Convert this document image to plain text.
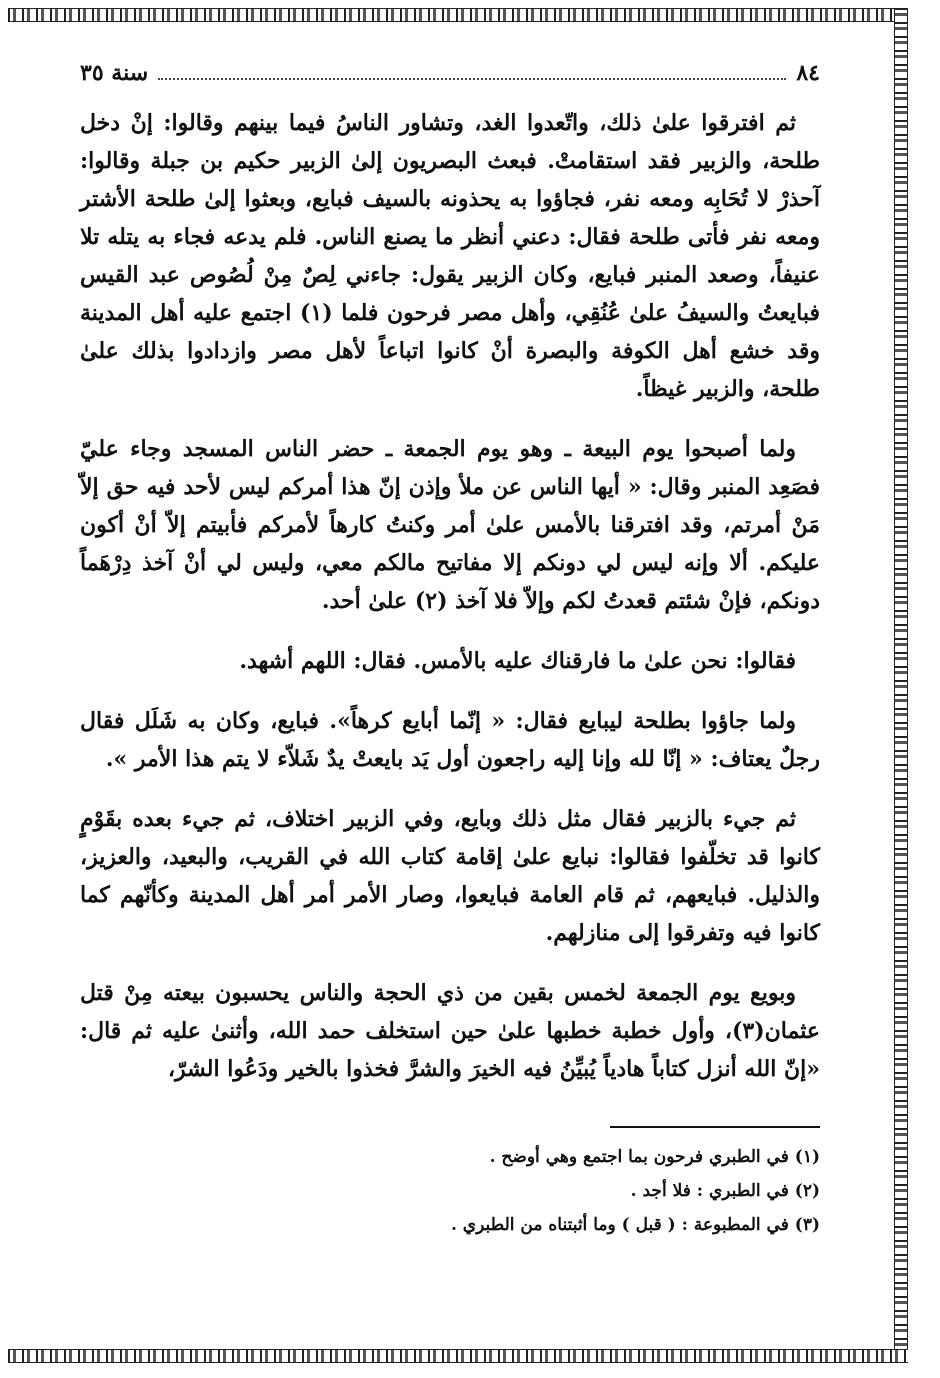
٨٤
سنة ٣٥

ثم افترقوا علىٰ ذلك، واتّعدوا الغد، وتشاور الناسُ فيما بينهم وقالوا: إنْ دخل طلحة، والزبير فقد استقامتْ. فبعث البصريون إلىٰ الزبير حكيم بن جبلة وقالوا: آحذرْ لا تُحَابِه ومعه نفر، فجاؤوا به يحذونه بالسيف فبايع، وبعثوا إلىٰ طلحة الأشتر ومعه نفر فأتى طلحة فقال: دعني أنظر ما يصنع الناس. فلم يدعه فجاء به يتله تلا عنيفاً، وصعد المنبر فبايع، وكان الزبير يقول: جاءني لِصٌ مِنْ لُصُوص عبد القيس فبايعتُ والسيفُ علىٰ عُنُقِي، وأهل مصر فرحون فلما (١) اجتمع عليه أهل المدينة وقد خشع أهل الكوفة والبصرة أنْ كانوا اتباعاً لأهل مصر وازدادوا بذلك علىٰ طلحة، والزبير غيظاً.

ولما أصبحوا يوم البيعة ـ وهو يوم الجمعة ـ حضر الناس المسجد وجاء عليّ فصَعِد المنبر وقال: « أيها الناس عن ملأ وإذن إنّ هذا أمركم ليس لأحد فيه حق إلاّ مَنْ أمرتم، وقد افترقنا بالأمس علىٰ أمر وكنتُ كارهاً لأمركم فأبيتم إلاّ أنْ أكون عليكم. ألا وإنه ليس لي دونكم إلا مفاتيح مالكم معي، وليس لي أنْ آخذ دِرْهَماً دونكم، فإنْ شئتم قعدتُ لكم وإلاّ فلا آخذ (٢) علىٰ أحد.

فقالوا: نحن علىٰ ما فارقناك عليه بالأمس. فقال: اللهم أشهد.

ولما جاؤوا بطلحة ليبايع فقال: « إنّما أبايع كرهاً». فبايع، وكان به شَلَل فقال رجلٌ يعتاف: « إنّا لله وإنا إليه راجعون أول يَد بايعتْ يدٌ شَلاّء لا يتم هذا الأمر ».

ثم جيء بالزبير فقال مثل ذلك وبايع، وفي الزبير اختلاف، ثم جيء بعده بقَوْمٍ كانوا قد تخلّفوا فقالوا: نبايع علىٰ إقامة كتاب الله في القريب، والبعيد، والعزيز، والذليل. فبايعهم، ثم قام العامة فبايعوا، وصار الأمر أمر أهل المدينة وكأنّهم كما كانوا فيه وتفرقوا إلى منازلهم.

وبويع يوم الجمعة لخمس بقين من ذي الحجة والناس يحسبون بيعته مِنْ قتل عثمان(٣)، وأول خطبة خطبها علىٰ حين استخلف حمد الله، وأثنىٰ عليه ثم قال: «إنّ الله أنزل كتاباً هادياً يُبيِّنُ فيه الخيرَ والشرَّ فخذوا بالخير ودَعُوا الشرّ،

(١) في الطبري فرحون بما اجتمع وهي أوضح .
(٢) في الطبري : فلا أجد .
(٣) في المطبوعة : ( قبل ) وما أثبتناه من الطبري .
